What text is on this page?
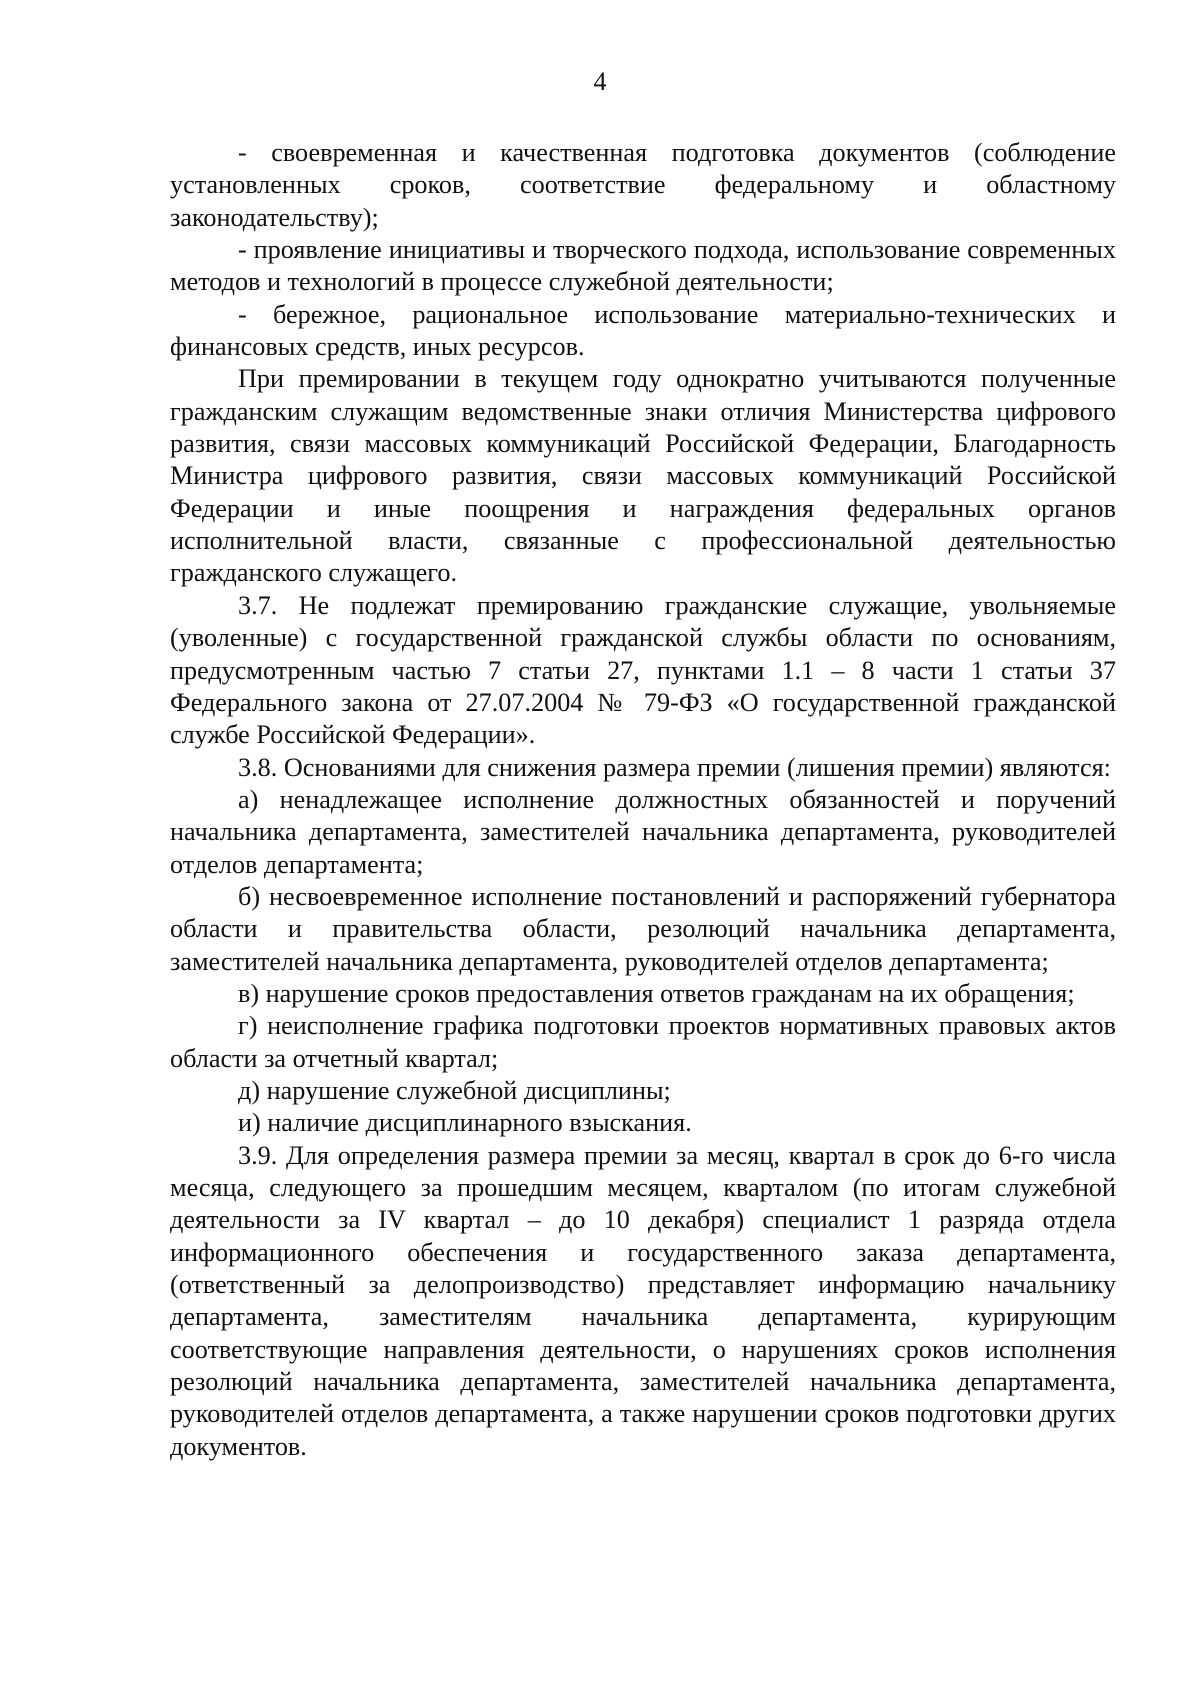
4

- своевременная и качественная подготовка документов (соблюдение установленных сроков, соответствие федеральному и областному законодательству);

- проявление инициативы и творческого подхода, использование современных методов и технологий в процессе служебной деятельности;

- бережное, рациональное использование материально-технических и финансовых средств, иных ресурсов.

При премировании в текущем году однократно учитываются полученные гражданским служащим ведомственные знаки отличия Министерства цифрового развития, связи массовых коммуникаций Российской Федерации, Благодарность Министра цифрового развития, связи массовых коммуникаций Российской Федерации и иные поощрения и награждения федеральных органов исполнительной власти, связанные с профессиональной деятельностью гражданского служащего.

3.7. Не подлежат премированию гражданские служащие, увольняемые (уволенные) с государственной гражданской службы области по основаниям, предусмотренным частью 7 статьи 27, пунктами 1.1 – 8 части 1 статьи 37 Федерального закона от 27.07.2004 № 79-ФЗ «О государственной гражданской службе Российской Федерации».

3.8. Основаниями для снижения размера премии (лишения премии) являются:

а) ненадлежащее исполнение должностных обязанностей и поручений начальника департамента, заместителей начальника департамента, руководителей отделов департамента;

б) несвоевременное исполнение постановлений и распоряжений губернатора области и правительства области, резолюций начальника департамента, заместителей начальника департамента, руководителей отделов департамента;

в) нарушение сроков предоставления ответов гражданам на их обращения;

г) неисполнение графика подготовки проектов нормативных правовых актов области за отчетный квартал;

д) нарушение служебной дисциплины;

и) наличие дисциплинарного взыскания.

3.9. Для определения размера премии за месяц, квартал в срок до 6-го числа месяца, следующего за прошедшим месяцем, кварталом (по итогам служебной деятельности за IV квартал – до 10 декабря) специалист 1 разряда отдела информационного обеспечения и государственного заказа департамента, (ответственный за делопроизводство) представляет информацию начальнику департамента, заместителям начальника департамента, курирующим соответствующие направления деятельности, о нарушениях сроков исполнения резолюций начальника департамента, заместителей начальника департамента, руководителей отделов департамента, а также нарушении сроков подготовки других документов.
